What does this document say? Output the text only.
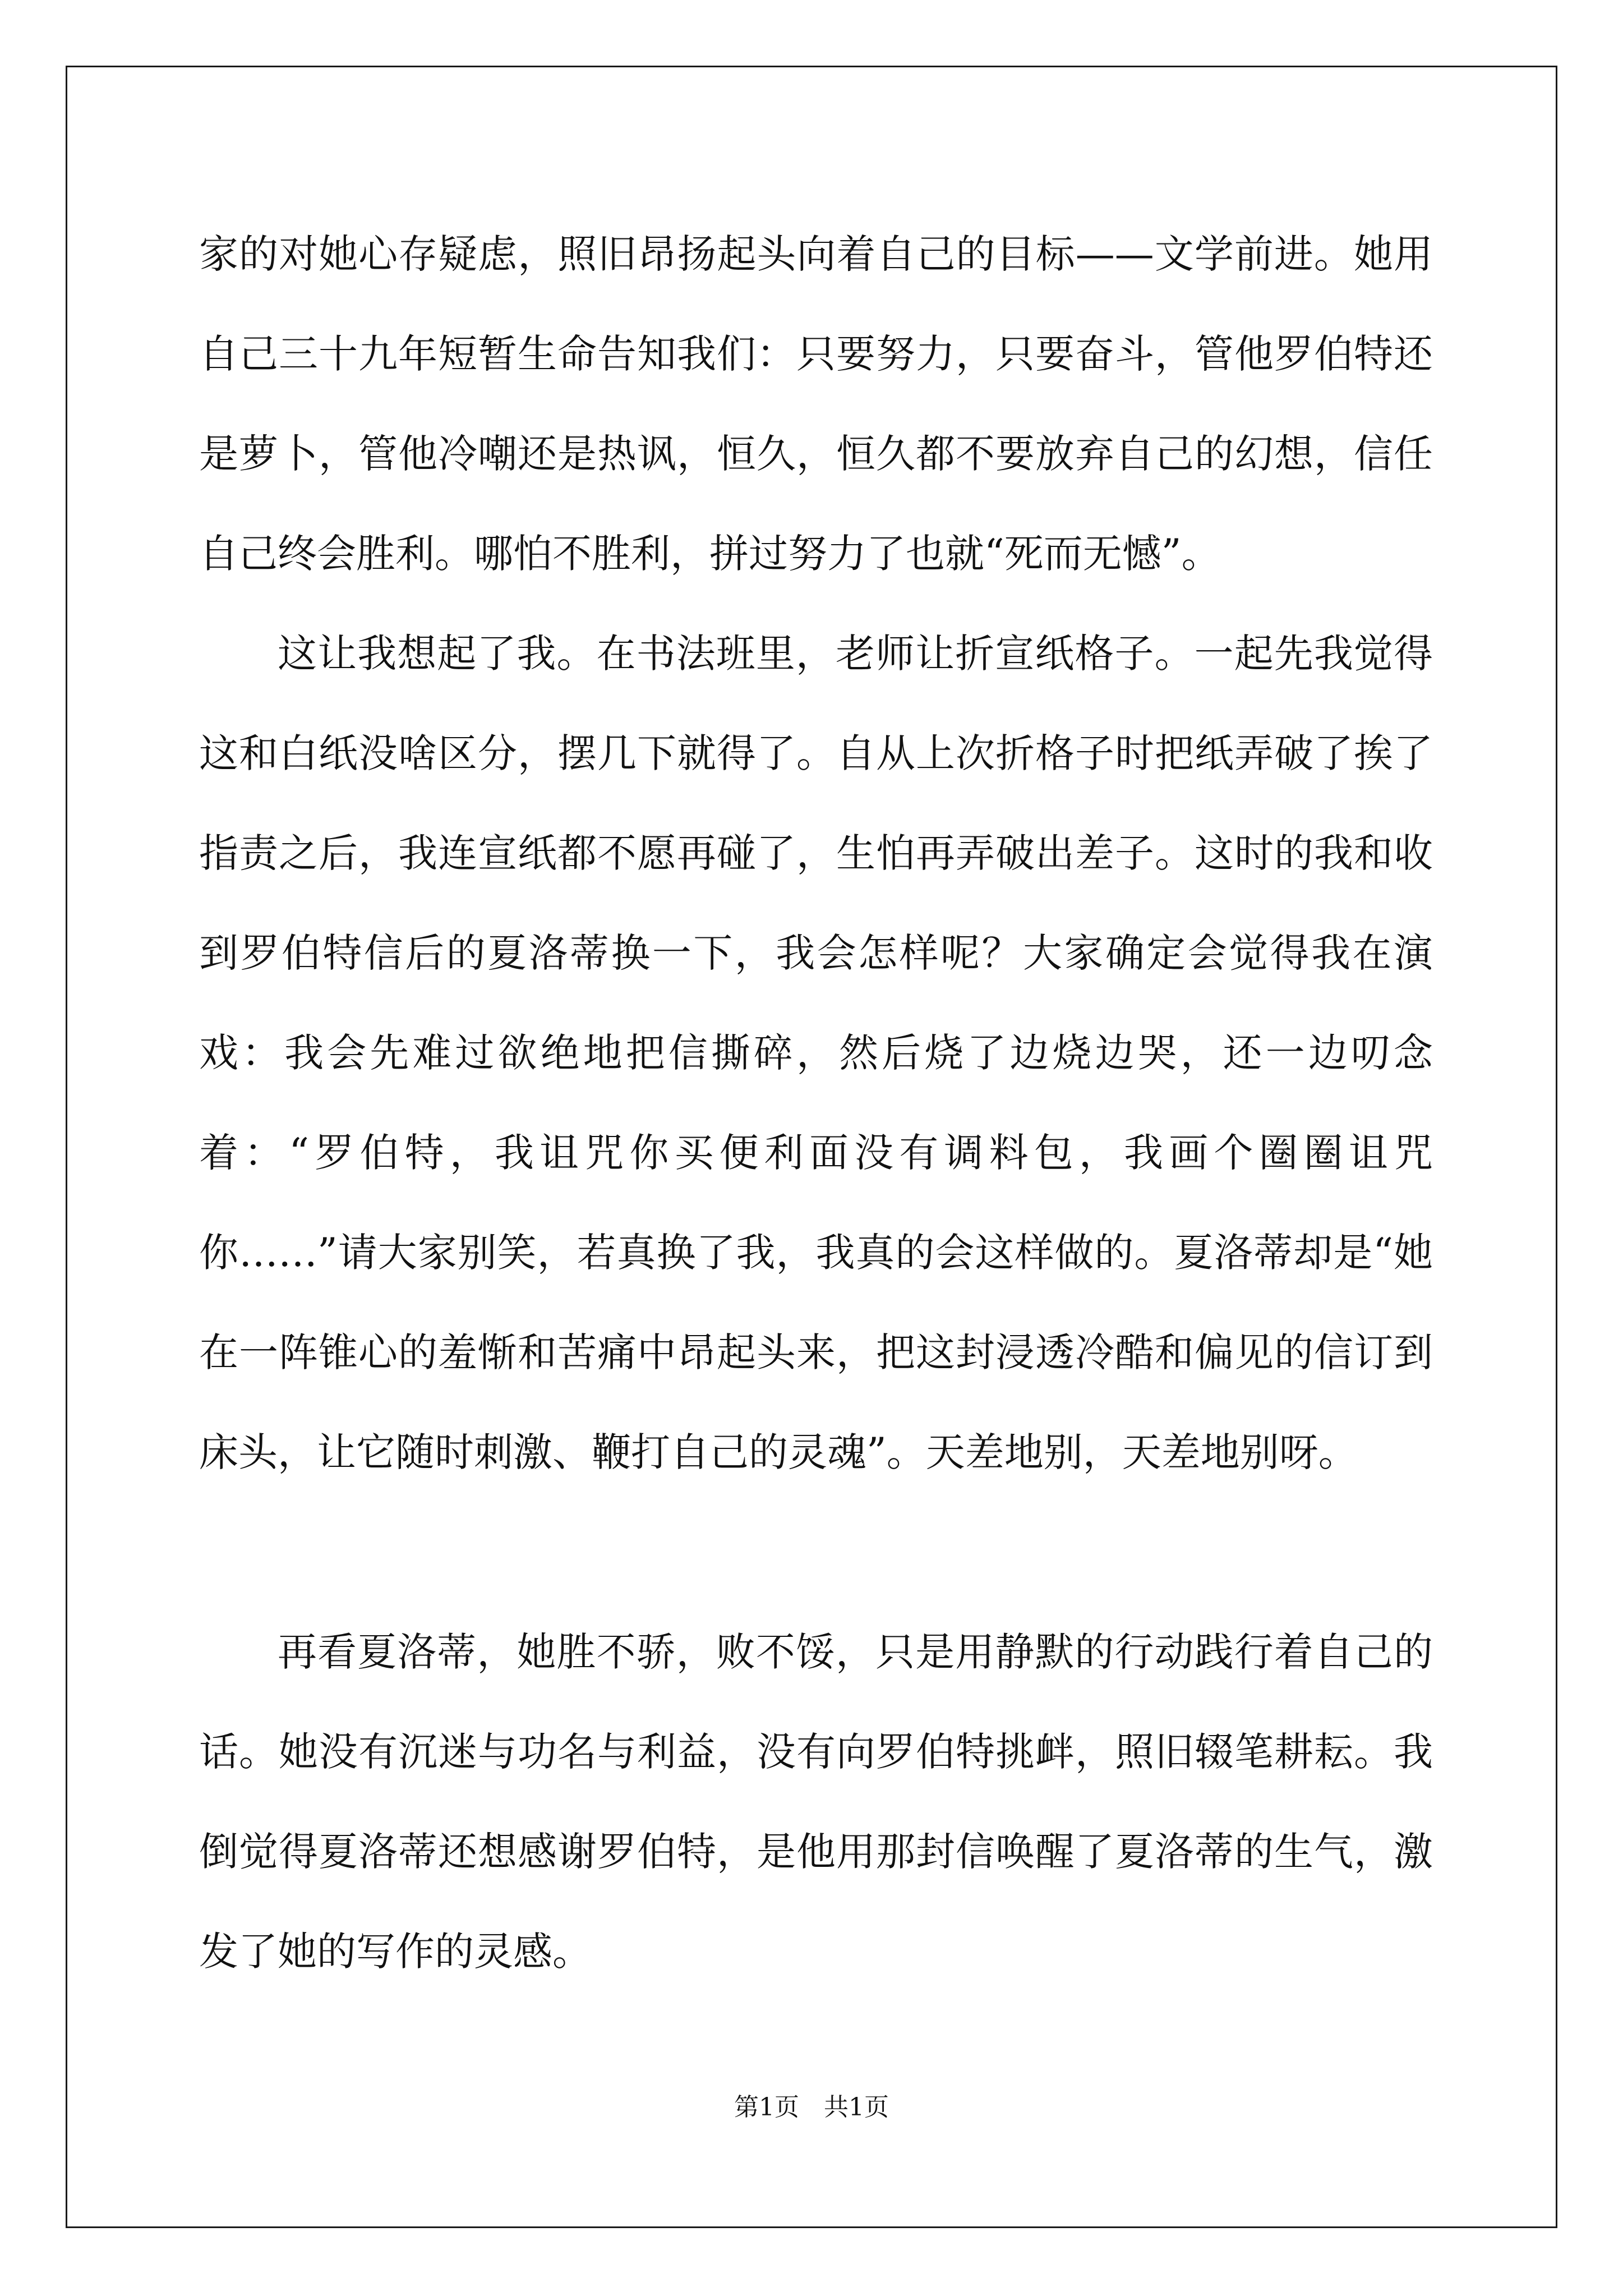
家的对她心存疑虑，照旧昂扬起头向着自己的目标——文学前进。她用自己三十九年短暂生命告知我们：只要努力，只要奋斗，管他罗伯特还是萝卜，管他冷嘲还是热讽，恒久，恒久都不要放弃自己的幻想，信任自己终会胜利。哪怕不胜利，拼过努力了也就“死而无憾”。

这让我想起了我。在书法班里，老师让折宣纸格子。一起先我觉得这和白纸没啥区分，摆几下就得了。自从上次折格子时把纸弄破了挨了指责之后，我连宣纸都不愿再碰了，生怕再弄破出差子。这时的我和收到罗伯特信后的夏洛蒂换一下，我会怎样呢？大家确定会觉得我在演戏：我会先难过欲绝地把信撕碎，然后烧了边烧边哭，还一边叨念着：“罗伯特，我诅咒你买便利面没有调料包，我画个圈圈诅咒你……”请大家别笑，若真换了我，我真的会这样做的。夏洛蒂却是“她在一阵锥心的羞惭和苦痛中昂起头来，把这封浸透冷酷和偏见的信订到床头，让它随时刺激、鞭打自己的灵魂”。天差地别，天差地别呀。

再看夏洛蒂，她胜不骄，败不馁，只是用静默的行动践行着自己的话。她没有沉迷与功名与利益，没有向罗伯特挑衅，照旧辍笔耕耘。我倒觉得夏洛蒂还想感谢罗伯特，是他用那封信唤醒了夏洛蒂的生气，激发了她的写作的灵感。

第1页　共1页
